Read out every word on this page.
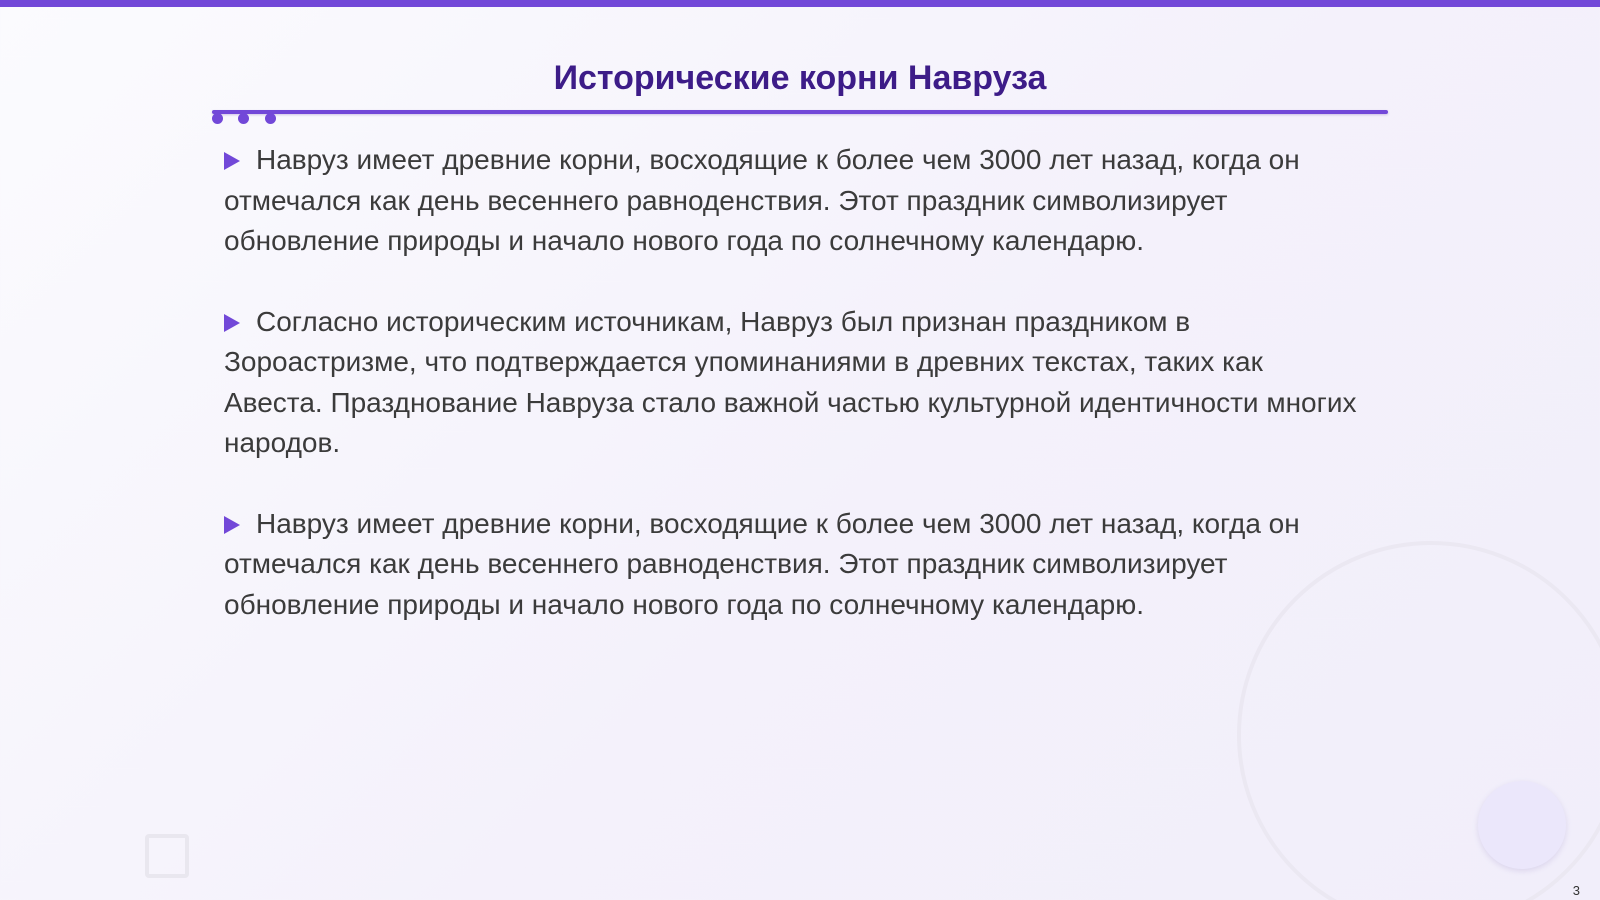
Исторические корни Навруза

Навруз имеет древние корни, восходящие к более чем 3000 лет назад, когда он отмечался как день весеннего равноденствия. Этот праздник символизирует обновление природы и начало нового года по солнечному календарю.

Согласно историческим источникам, Навруз был признан праздником в Зороастризме, что подтверждается упоминаниями в древних текстах, таких как Авеста. Празднование Навруза стало важной частью культурной идентичности многих народов.

Навруз имеет древние корни, восходящие к более чем 3000 лет назад, когда он отмечался как день весеннего равноденствия. Этот праздник символизирует обновление природы и начало нового года по солнечному календарю.

3
